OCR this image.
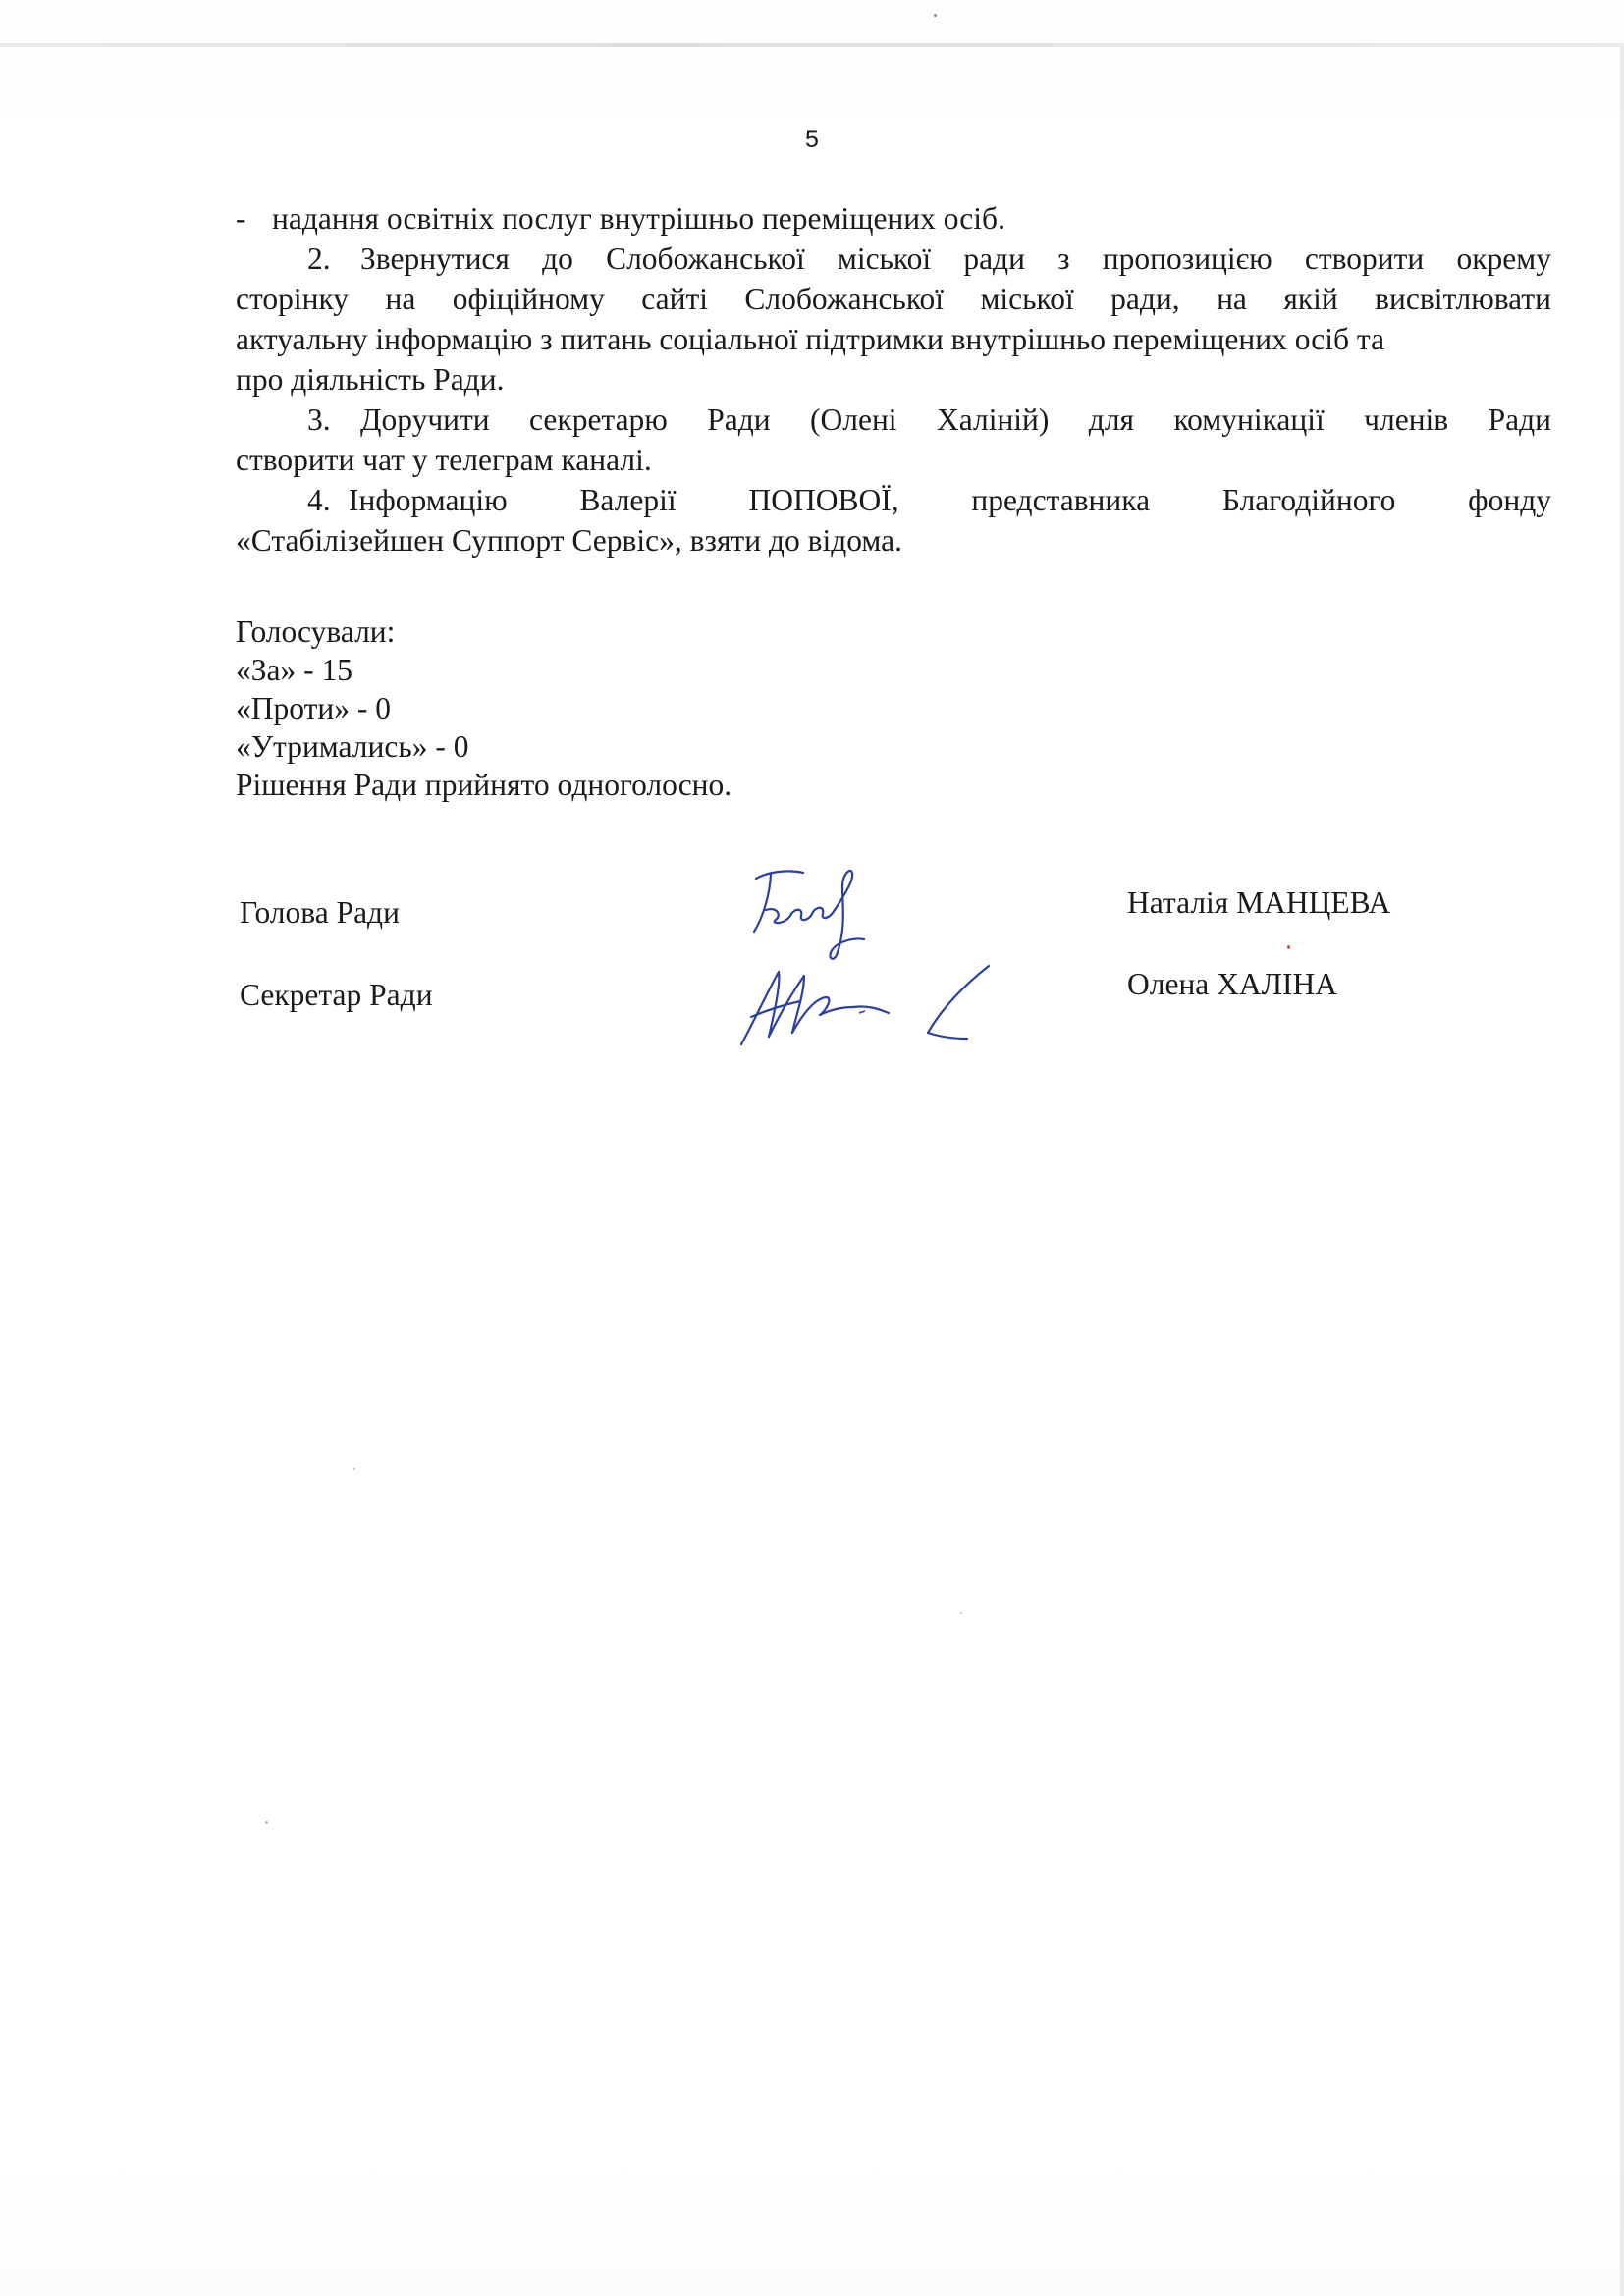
5
- надання освітніх послуг внутрішньо переміщених осіб.
2. Звернутися до Слобожанської міської ради з пропозицією створити окрему
сторінку на офіційному сайті Слобожанської міської ради, на якій висвітлювати
актуальну інформацію з питань соціальної підтримки внутрішньо переміщених осіб та
про діяльність Ради.
3. Доручити секретарю Ради (Олені Халіній) для комунікації членів Ради
створити чат у телеграм каналі.
4. Інформацію Валерії ПОПОВОЇ, представника Благодійного фонду
«Стабілізейшен Суппорт Сервіс», взяти до відома.
Голосували:
«За» - 15
«Проти» - 0
«Утримались» - 0
Рішення Ради прийнято одноголосно.
Голова Ради	Наталія МАНЦЕВА
Секретар Ради	Олена ХАЛІНА
